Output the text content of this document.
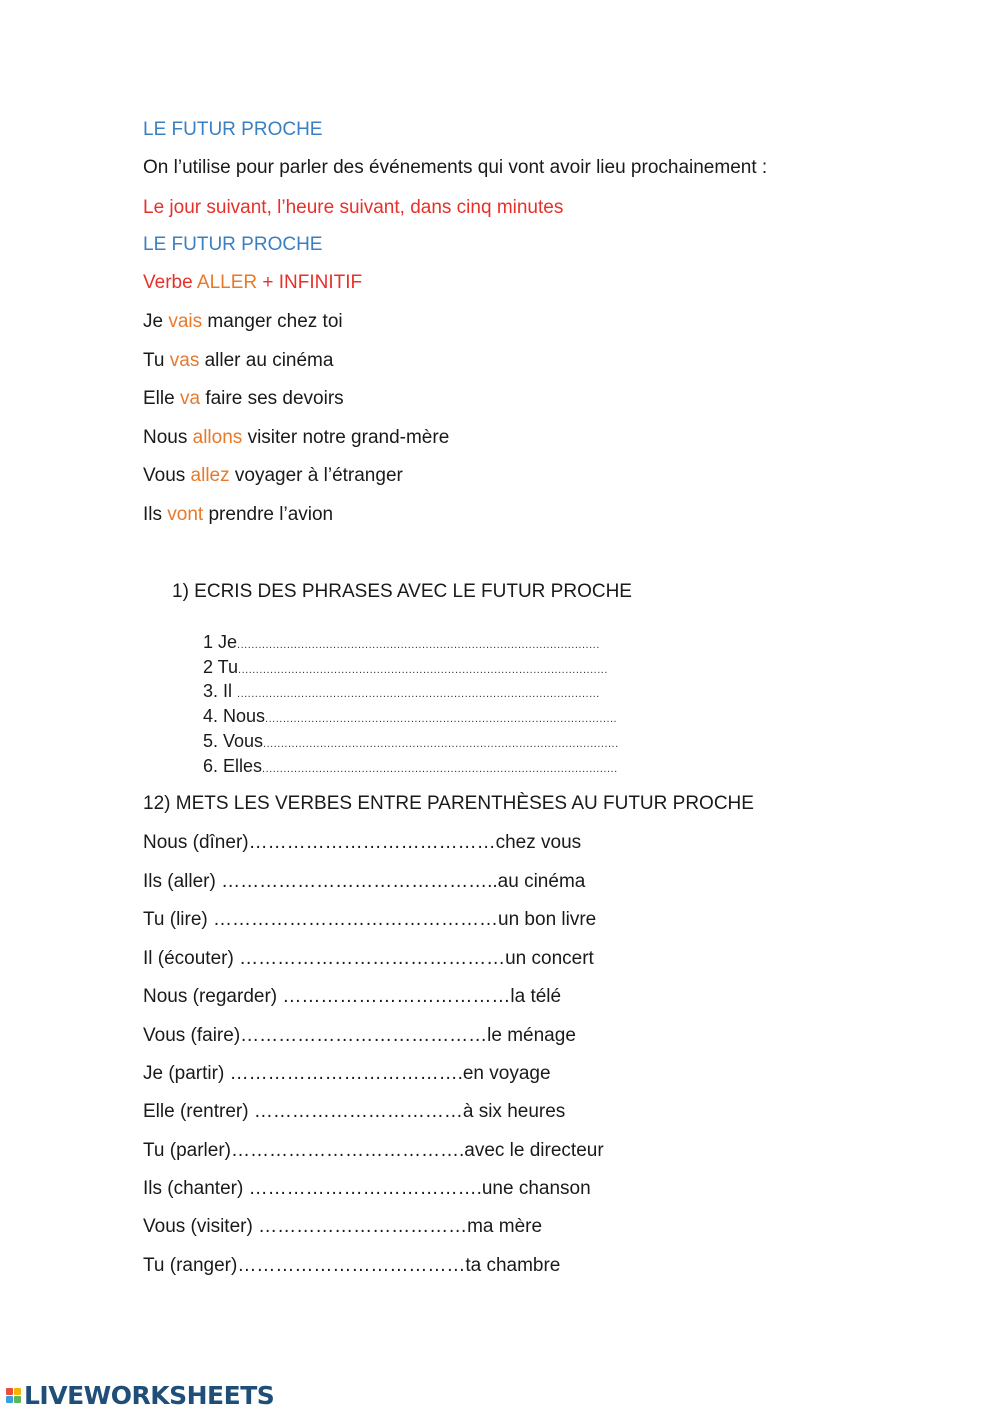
LE FUTUR PROCHE
On l’utilise pour parler des événements qui vont avoir lieu prochainement :
Le jour suivant, l’heure suivant, dans cinq minutes
LE FUTUR PROCHE
Verbe ALLER + INFINITIF
Je vais manger chez toi
Tu vas aller au cinéma
Elle va faire ses devoirs
Nous allons visiter notre grand-mère
Vous allez voyager à l’étranger
Ils vont prendre l’avion
1) ECRIS DES PHRASES AVEC LE FUTUR PROCHE
1 Je......................................................................................................
2 Tu........................................................................................................
3. Il ......................................................................................................
4. Nous...................................................................................................
5. Vous....................................................................................................
6. Elles....................................................................................................
12) METS LES VERBES ENTRE PARENTHÈSES AU FUTUR PROCHE
Nous (dîner)…………………………………chez vous
Ils (aller) ……………………………………..au cinéma
Tu (lire) ………………………………………un bon livre
Il (écouter) ……………………………………un concert
Nous (regarder) ………………………………la télé
Vous (faire)…………………………………le ménage
Je (partir) ……………………………….en voyage
Elle (rentrer) ……………………………à six heures
Tu (parler)……………………………….avec le directeur
Ils (chanter) ……………………………….une chanson
Vous (visiter) ……………………………ma mère
Tu (ranger)………………………………ta chambre
LIVEWORKSHEETS
